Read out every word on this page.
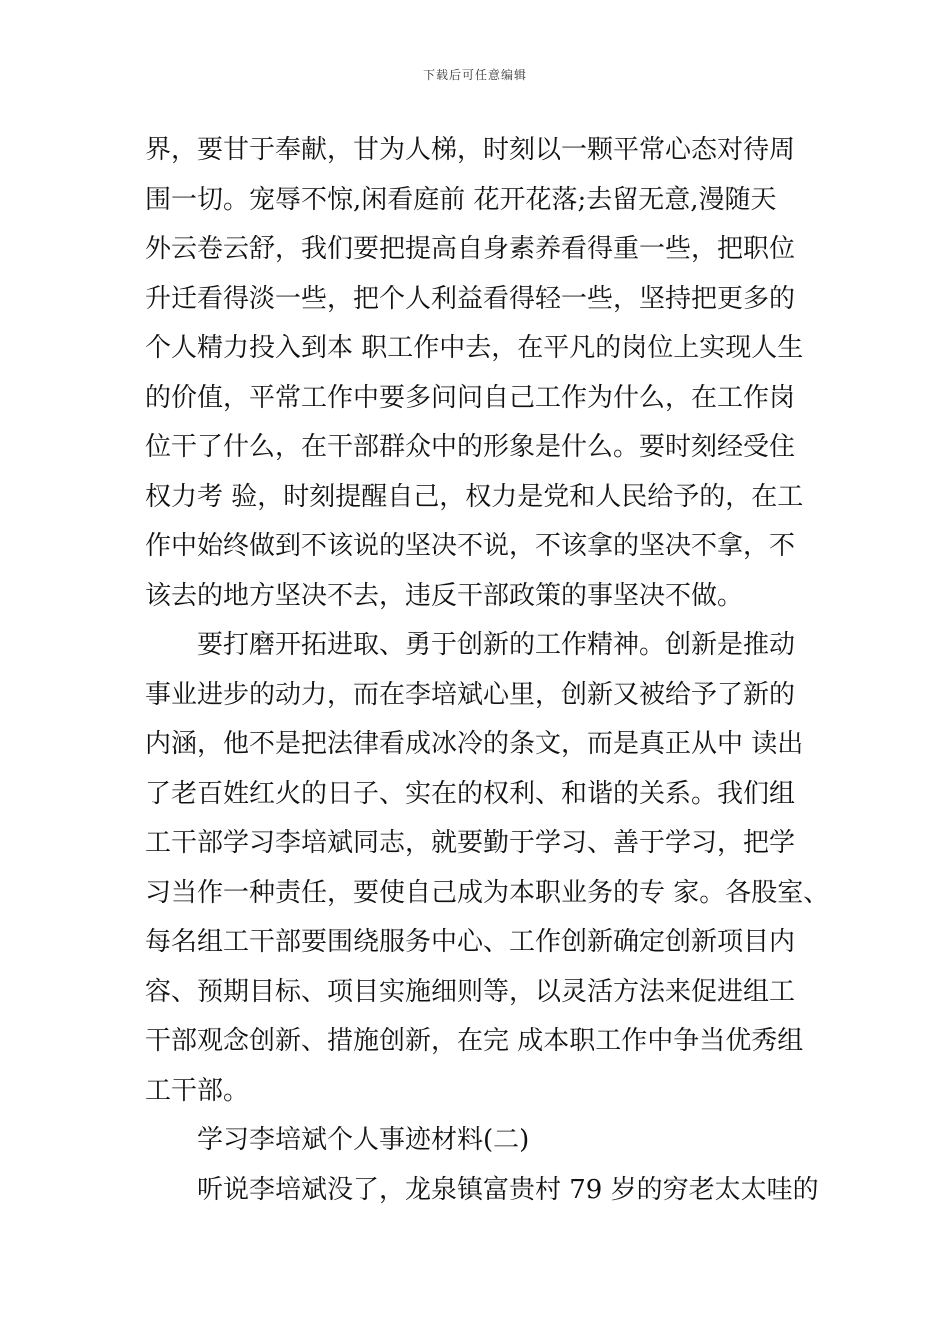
下载后可任意编辑
界，要甘于奉献，甘为人梯，时刻以一颗平常心态对待周
围一切。宠辱不惊,闲看庭前 花开花落;去留无意,漫随天
外云卷云舒，我们要把提高自身素养看得重一些，把职位
升迁看得淡一些，把个人利益看得轻一些，坚持把更多的
个人精力投入到本 职工作中去，在平凡的岗位上实现人生
的价值，平常工作中要多问问自己工作为什么，在工作岗
位干了什么，在干部群众中的形象是什么。要时刻经受住
权力考 验，时刻提醒自己，权力是党和人民给予的，在工
作中始终做到不该说的坚决不说，不该拿的坚决不拿，不
该去的地方坚决不去，违反干部政策的事坚决不做。
要打磨开拓进取、勇于创新的工作精神。创新是推动
事业进步的动力，而在李培斌心里，创新又被给予了新的
内涵，他不是把法律看成冰冷的条文，而是真正从中 读出
了老百姓红火的日子、实在的权利、和谐的关系。我们组
工干部学习李培斌同志，就要勤于学习、善于学习，把学
习当作一种责任，要使自己成为本职业务的专 家。各股室、
每名组工干部要围绕服务中心、工作创新确定创新项目内
容、预期目标、项目实施细则等，以灵活方法来促进组工
干部观念创新、措施创新，在完 成本职工作中争当优秀组
工干部。
学习李培斌个人事迹材料(二)
听说李培斌没了，龙泉镇富贵村 79 岁的穷老太太哇的
